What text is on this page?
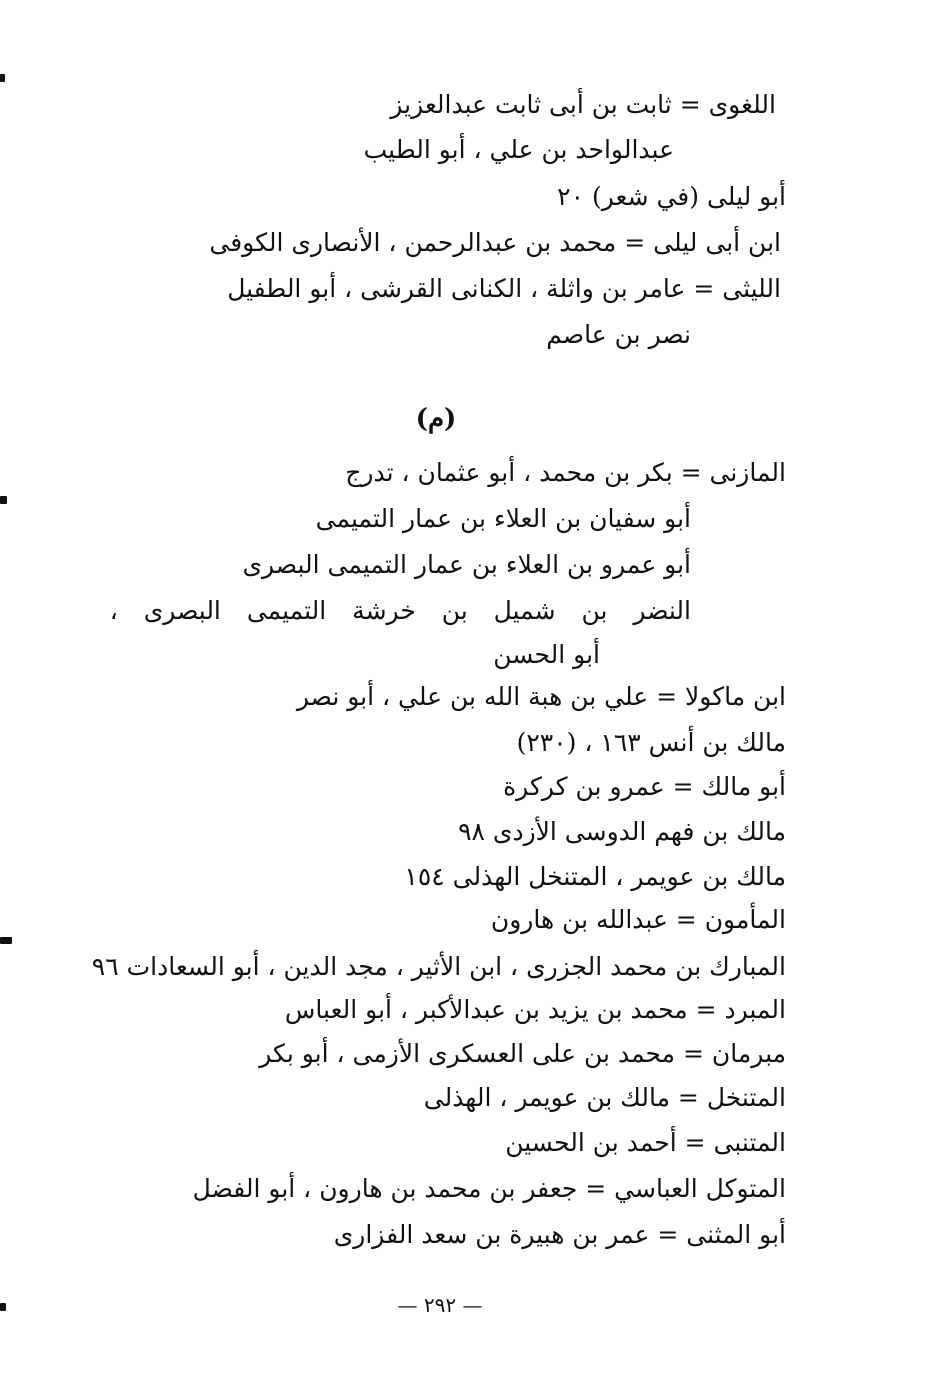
اللغوى = ثابت بن أبى ثابت عبدالعزيز
عبدالواحد بن علي ، أبو الطيب
أبو ليلى (في شعر) ٢٠
ابن أبى ليلى = محمد بن عبدالرحمن ، الأنصارى الكوفى
الليثى = عامر بن واثلة ، الكنانى القرشى ، أبو الطفيل
نصر بن عاصم
(م)
المازنى = بكر بن محمد ، أبو عثمان ، تدرج
أبو سفيان بن العلاء بن عمار التميمى
أبو عمرو بن العلاء بن عمار التميمى البصرى
النضر بن شميل بن خرشة التميمى البصرى ،
أبو الحسن
ابن ماكولا = علي بن هبة الله بن علي ، أبو نصر
مالك بن أنس ١٦٣ ، (٢٣٠)
أبو مالك = عمرو بن كركرة
مالك بن فهم الدوسى الأزدى ٩٨
مالك بن عويمر ، المتنخل الهذلى ١٥٤
المأمون = عبدالله بن هارون
المبارك بن محمد الجزرى ، ابن الأثير ، مجد الدين ، أبو السعادات ٩٦
المبرد = محمد بن يزيد بن عبدالأكبر ، أبو العباس
مبرمان = محمد بن على العسكرى الأزمى ، أبو بكر
المتنخل = مالك بن عويمر ، الهذلى
المتنبى = أحمد بن الحسين
المتوكل العباسي = جعفر بن محمد بن هارون ، أبو الفضل
أبو المثنى = عمر بن هبيرة بن سعد الفزارى
— ٢٩٢ —
